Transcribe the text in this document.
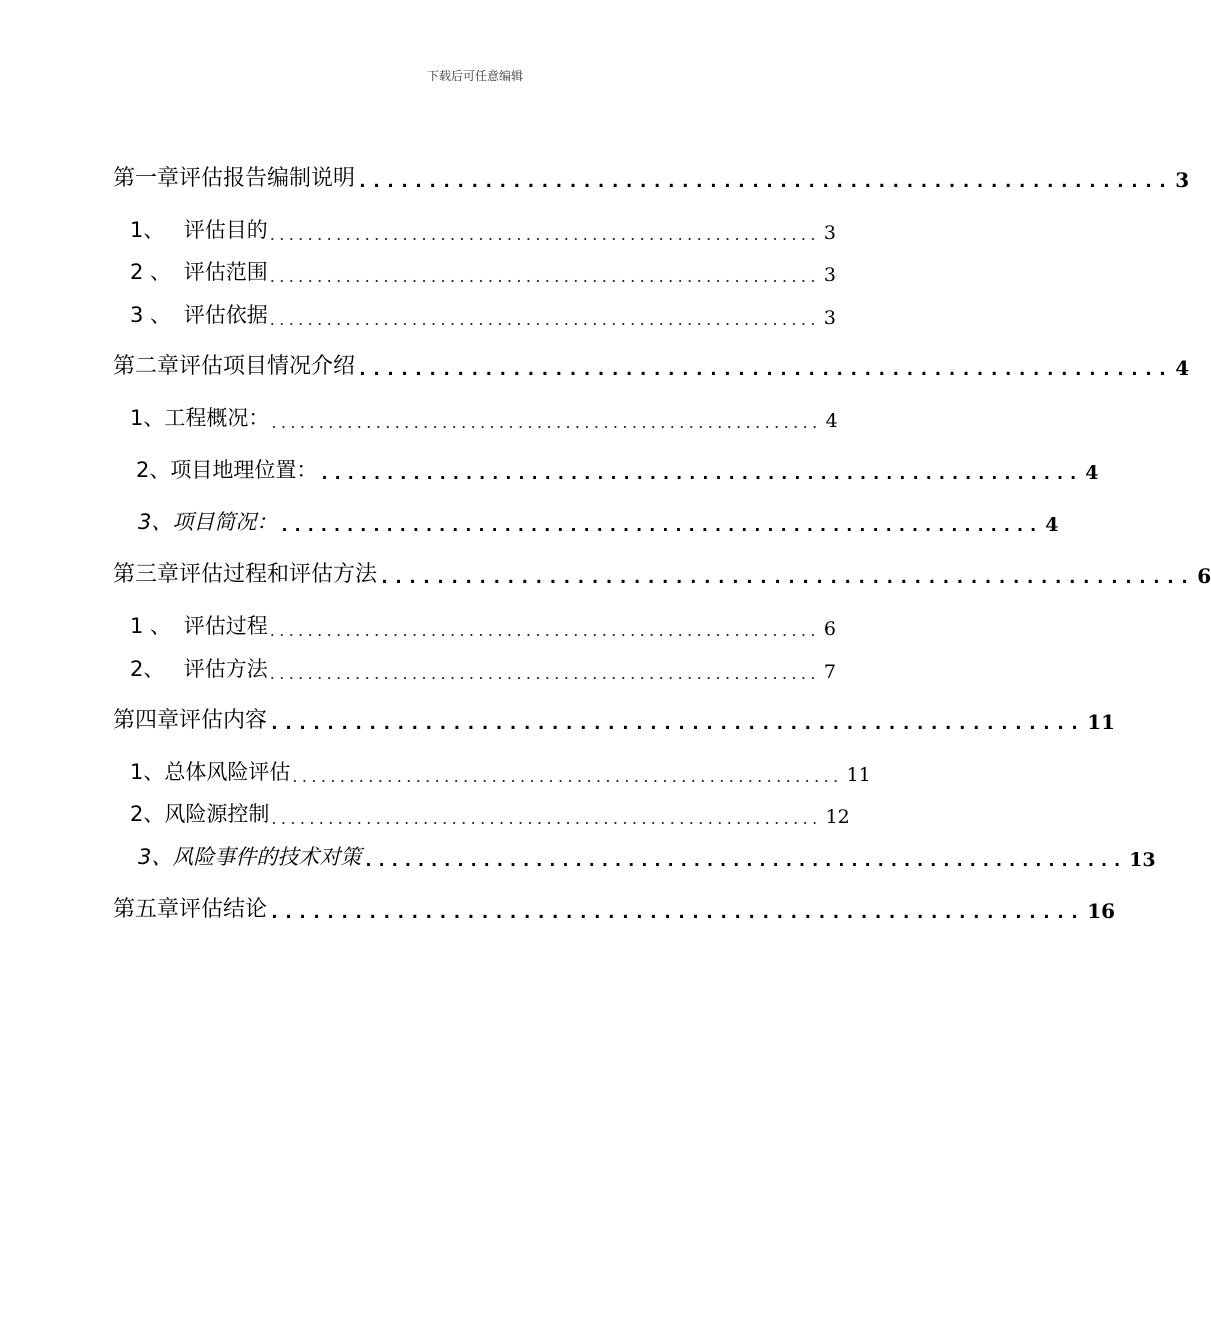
下载后可任意编辑
第一章 评估报告编制说明 .......................................................... 3
1、 评估目的 .......................................................... 3
2 、 评估范围 .......................................................... 3
3 、 评估依据 .......................................................... 3
第二章 评估项目情况介绍 .......................................................... 4
1、 工程概况： .......................................................... 4
2、 项目地理位置： .......................................................... 4
3、 项目简况： .......................................................... 4
第三章 评估过程和评估方法 .......................................................... 6
1 、 评估过程 .......................................................... 6
2、 评估方法 .......................................................... 7
第四章 评估内容 .......................................................... 11
1、 总体风险评估 .......................................................... 11
2、 风险源控制 .......................................................... 12
3、 风险事件的技术对策 .......................................................... 13
第五章 评估结论 .......................................................... 16
